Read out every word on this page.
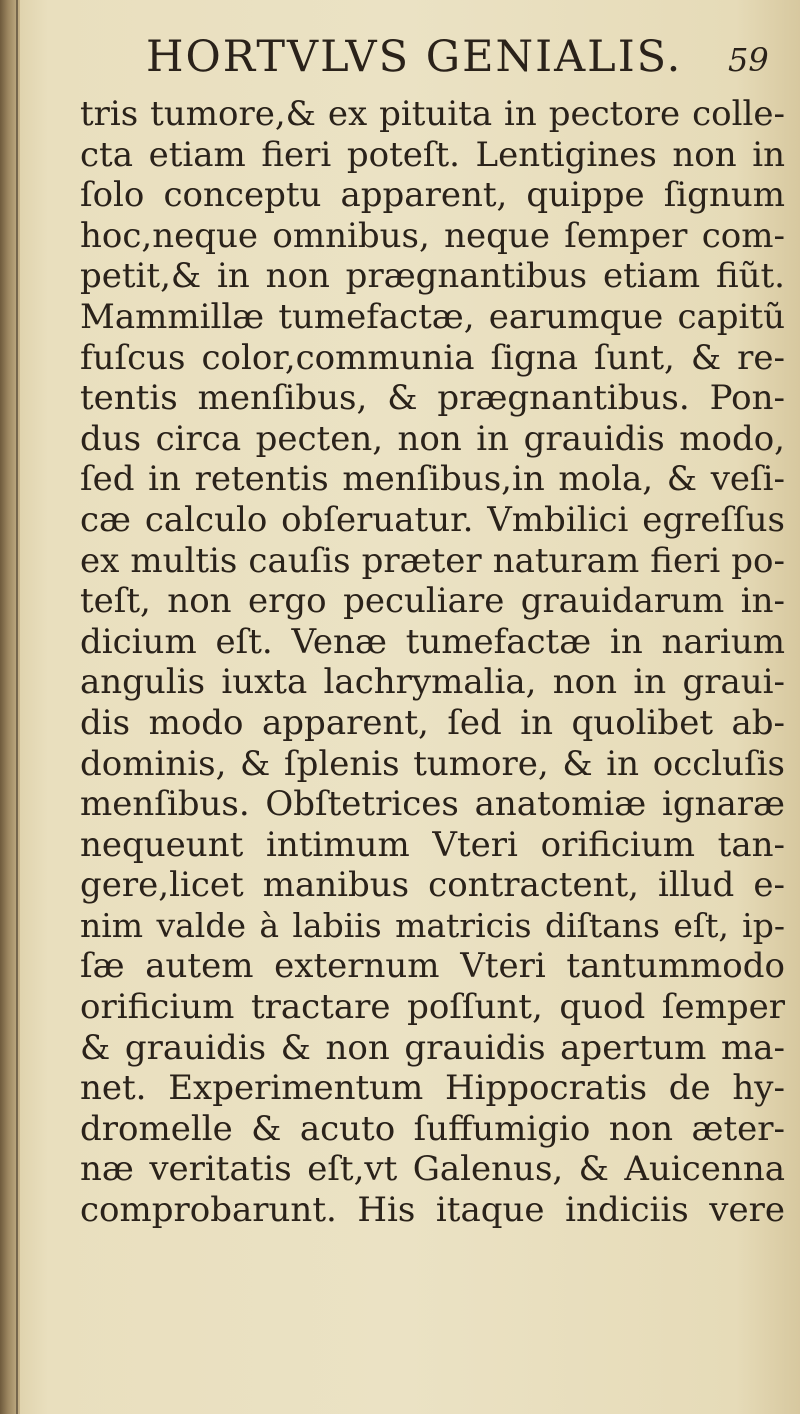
HORTVLVS GENIALIS. 59
tris tumore,& ex pituita in pectore colle-
cta etiam fieri poteſt. Lentigines non in
ſolo conceptu apparent, quippe ſignum
hoc,neque omnibus, neque ſemper com-
petit,& in non prægnantibus etiam fiũt.
Mammillæ tumefactæ, earumque capitũ
fuſcus color,communia ſigna ſunt, & re-
tentis menſibus, & prægnantibus. Pon-
dus circa pecten, non in grauidis modo,
ſed in retentis menſibus,in mola, & veſi-
cæ calculo obſeruatur. Vmbilici egreſſus
ex multis cauſis præter naturam fieri po-
teſt, non ergo peculiare grauidarum in-
dicium eſt. Venæ tumefactæ in narium
angulis iuxta lachrymalia, non in graui-
dis modo apparent, ſed in quolibet ab-
dominis, & ſplenis tumore, & in occluſis
menſibus. Obſtetrices anatomiæ ignaræ
nequeunt intimum Vteri orificium tan-
gere,licet manibus contractent, illud e-
nim valde à labiis matricis diſtans eſt, ip-
ſæ autem externum Vteri tantummodo
orificium tractare poſſunt, quod ſemper
& grauidis & non grauidis apertum ma-
net. Experimentum Hippocratis de hy-
dromelle & acuto ſuffumigio non æter-
næ veritatis eſt,vt Galenus, & Auicenna
comprobarunt. His itaque indiciis vere
